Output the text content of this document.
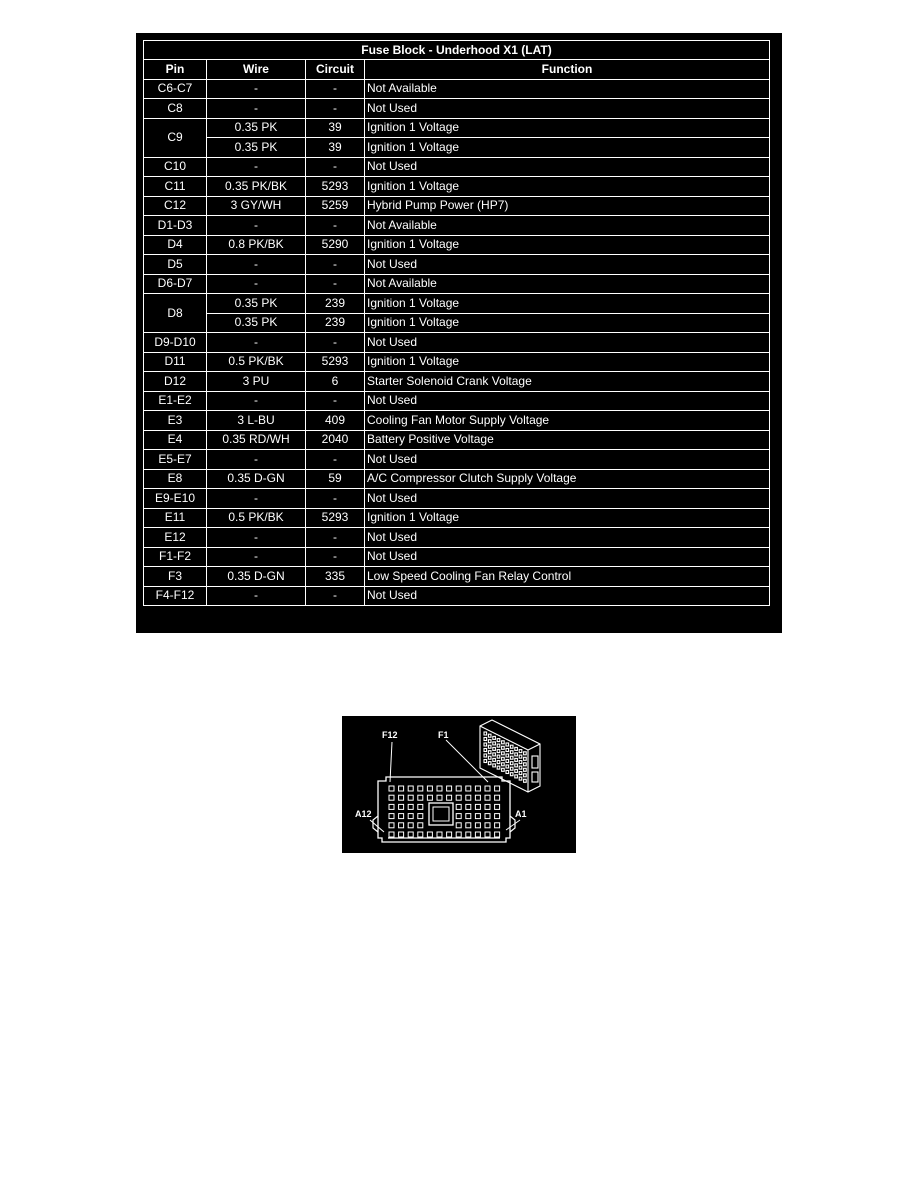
Fuse Block - Underhood X1 (LAT)			
Pin	Wire	Circuit	Function
C6-C7	-	-	Not Available
C8	-	-	Not Used
C9	0.35 PK	39	Ignition 1 Voltage
	0.35 PK	39	Ignition 1 Voltage
C10	-	-	Not Used
C11	0.35 PK/BK	5293	Ignition 1 Voltage
C12	3 GY/WH	5259	Hybrid Pump Power (HP7)
D1-D3	-	-	Not Available
D4	0.8 PK/BK	5290	Ignition 1 Voltage
D5	-	-	Not Used
D6-D7	-	-	Not Available
D8	0.35 PK	239	Ignition 1 Voltage
	0.35 PK	239	Ignition 1 Voltage
D9-D10	-	-	Not Used
D11	0.5 PK/BK	5293	Ignition 1 Voltage
D12	3 PU	6	Starter Solenoid Crank Voltage
E1-E2	-	-	Not Used
E3	3 L-BU	409	Cooling Fan Motor Supply Voltage
E4	0.35 RD/WH	2040	Battery Positive Voltage
E5-E7	-	-	Not Used
E8	0.35 D-GN	59	A/C Compressor Clutch Supply Voltage
E9-E10	-	-	Not Used
E11	0.5 PK/BK	5293	Ignition 1 Voltage
E12	-	-	Not Used
F1-F2	-	-	Not Used
F3	0.35 D-GN	335	Low Speed Cooling Fan Relay Control
F4-F12	-	-	Not Used
F12	F1
A12	A1
